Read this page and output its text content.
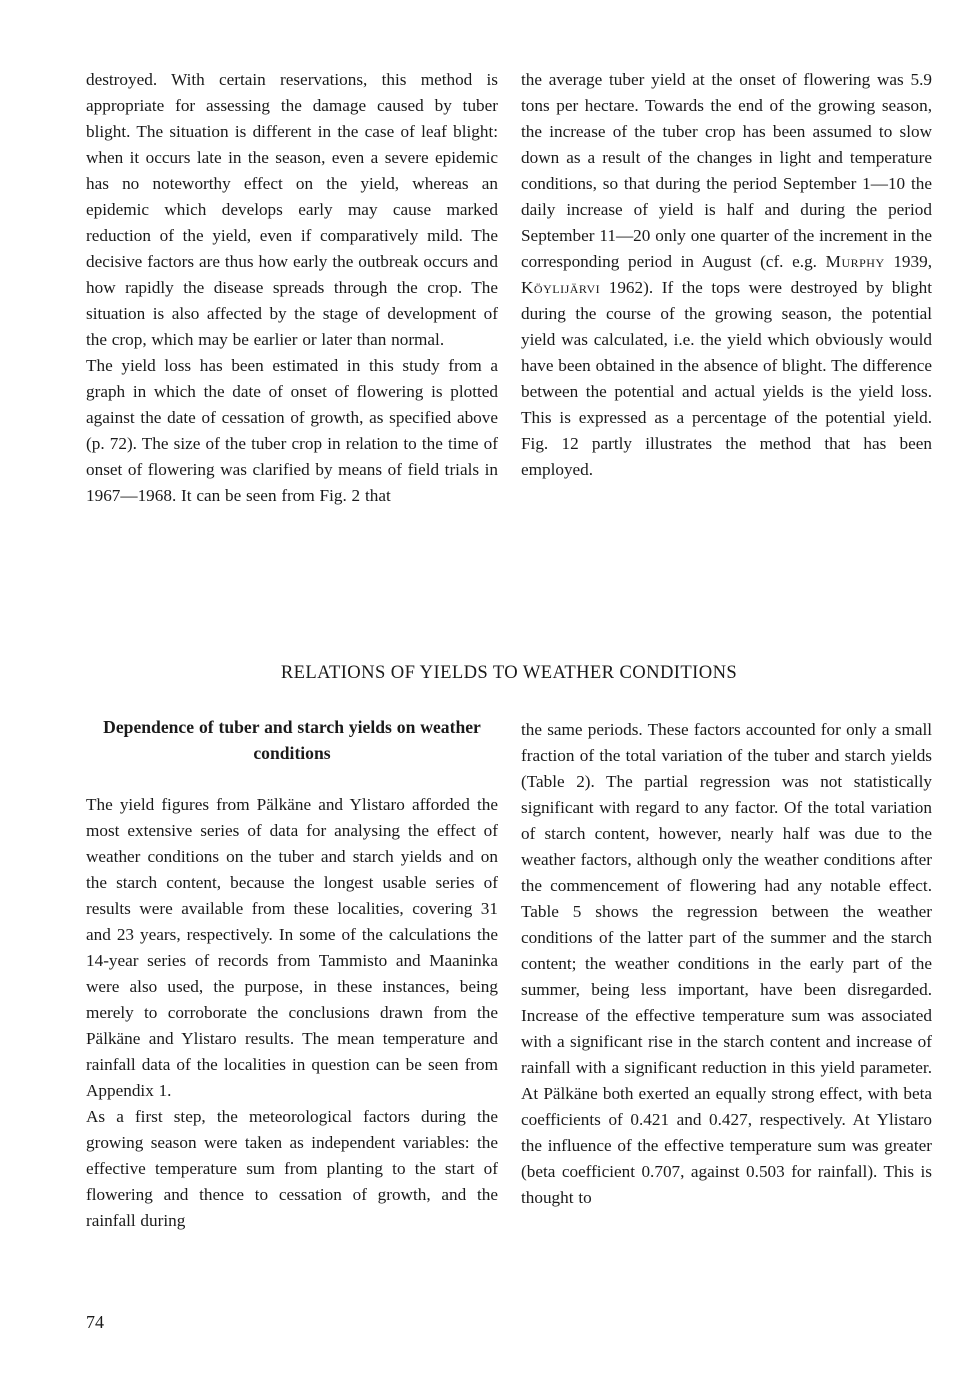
destroyed. With certain reservations, this method is appropriate for assessing the damage caused by tuber blight. The situation is different in the case of leaf blight: when it occurs late in the season, even a severe epidemic has no noteworthy effect on the yield, whereas an epidemic which develops early may cause marked reduction of the yield, even if comparatively mild. The decisive factors are thus how early the outbreak occurs and how rapidly the disease spreads through the crop. The situation is also affected by the stage of development of the crop, which may be earlier or later than normal.

The yield loss has been estimated in this study from a graph in which the date of onset of flowering is plotted against the date of cessation of growth, as specified above (p. 72). The size of the tuber crop in relation to the time of onset of flowering was clarified by means of field trials in 1967—1968. It can be seen from Fig. 2 that

the average tuber yield at the onset of flowering was 5.9 tons per hectare. Towards the end of the growing season, the increase of the tuber crop has been assumed to slow down as a result of the changes in light and temperature conditions, so that during the period September 1—10 the daily increase of yield is half and during the period September 11—20 only one quarter of the increment in the corresponding period in August (cf. e.g. Murphy 1939, Köylijärvi 1962). If the tops were destroyed by blight during the course of the growing season, the potential yield was calculated, i.e. the yield which obviously would have been obtained in the absence of blight. The difference between the potential and actual yields is the yield loss. This is expressed as a percentage of the potential yield. Fig. 12 partly illustrates the method that has been employed.

RELATIONS OF YIELDS TO WEATHER CONDITIONS
Dependence of tuber and starch yields on weather conditions

The yield figures from Pälkäne and Ylistaro afforded the most extensive series of data for analysing the effect of weather conditions on the tuber and starch yields and on the starch content, because the longest usable series of results were available from these localities, covering 31 and 23 years, respectively. In some of the calculations the 14-year series of records from Tammisto and Maaninka were also used, the purpose, in these instances, being merely to corroborate the conclusions drawn from the Pälkäne and Ylistaro results. The mean temperature and rainfall data of the localities in question can be seen from Appendix 1.

As a first step, the meteorological factors during the growing season were taken as independent variables: the effective temperature sum from planting to the start of flowering and thence to cessation of growth, and the rainfall during

the same periods. These factors accounted for only a small fraction of the total variation of the tuber and starch yields (Table 2). The partial regression was not statistically significant with regard to any factor. Of the total variation of starch content, however, nearly half was due to the weather factors, although only the weather conditions after the commencement of flowering had any notable effect. Table 5 shows the regression between the weather conditions of the latter part of the summer and the starch content; the weather conditions in the early part of the summer, being less important, have been disregarded. Increase of the effective temperature sum was associated with a significant rise in the starch content and increase of rainfall with a significant reduction in this yield parameter. At Pälkäne both exerted an equally strong effect, with beta coefficients of 0.421 and 0.427, respectively. At Ylistaro the influence of the effective temperature sum was greater (beta coefficient 0.707, against 0.503 for rainfall). This is thought to

74
